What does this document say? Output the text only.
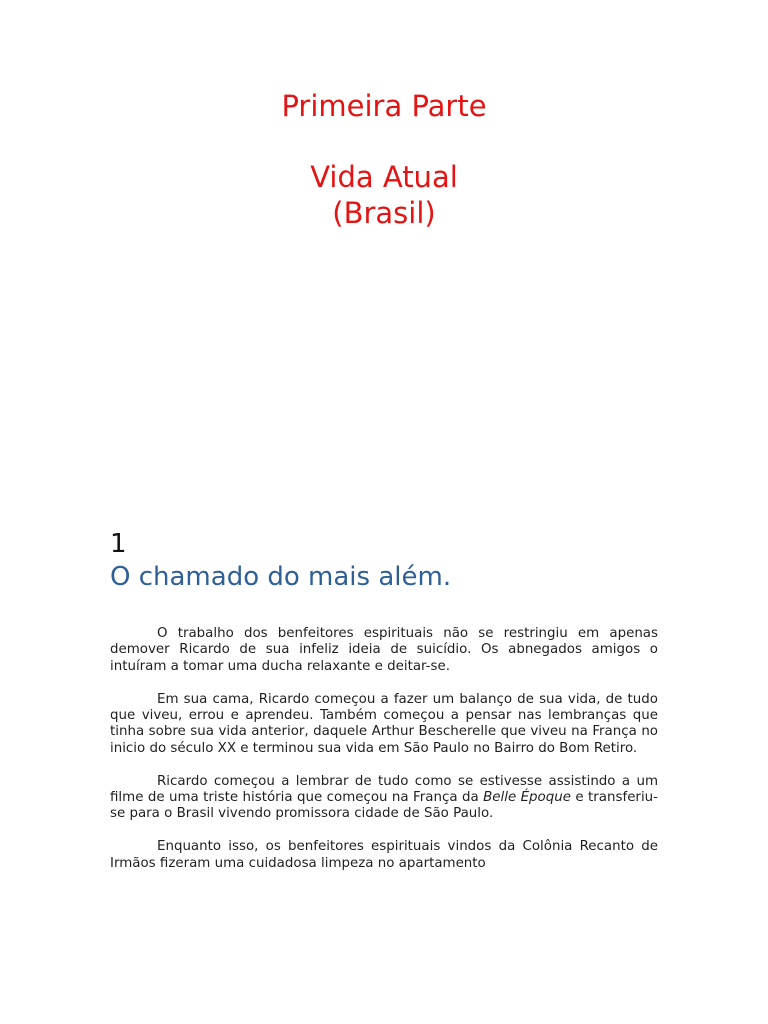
Primeira Parte
Vida Atual
(Brasil)
1
O chamado do mais além.

O trabalho dos benfeitores espirituais não se restringiu em apenas demover Ricardo de sua infeliz ideia de suicídio. Os abnegados amigos o intuíram a tomar uma ducha relaxante e deitar-se.

Em sua cama, Ricardo começou a fazer um balanço de sua vida, de tudo que viveu, errou e aprendeu. Também começou a pensar nas lembranças que tinha sobre sua vida anterior, daquele Arthur Bescherelle que viveu na França no inicio do século XX e terminou sua vida em São Paulo no Bairro do Bom Retiro.

Ricardo começou a lembrar de tudo como se estivesse assistindo a um filme de uma triste história que começou na França da Belle Époque e transferiu-se para o Brasil vivendo promissora cidade de São Paulo.

Enquanto isso, os benfeitores espirituais vindos da Colônia Recanto de Irmãos fizeram uma cuidadosa limpeza no apartamento
